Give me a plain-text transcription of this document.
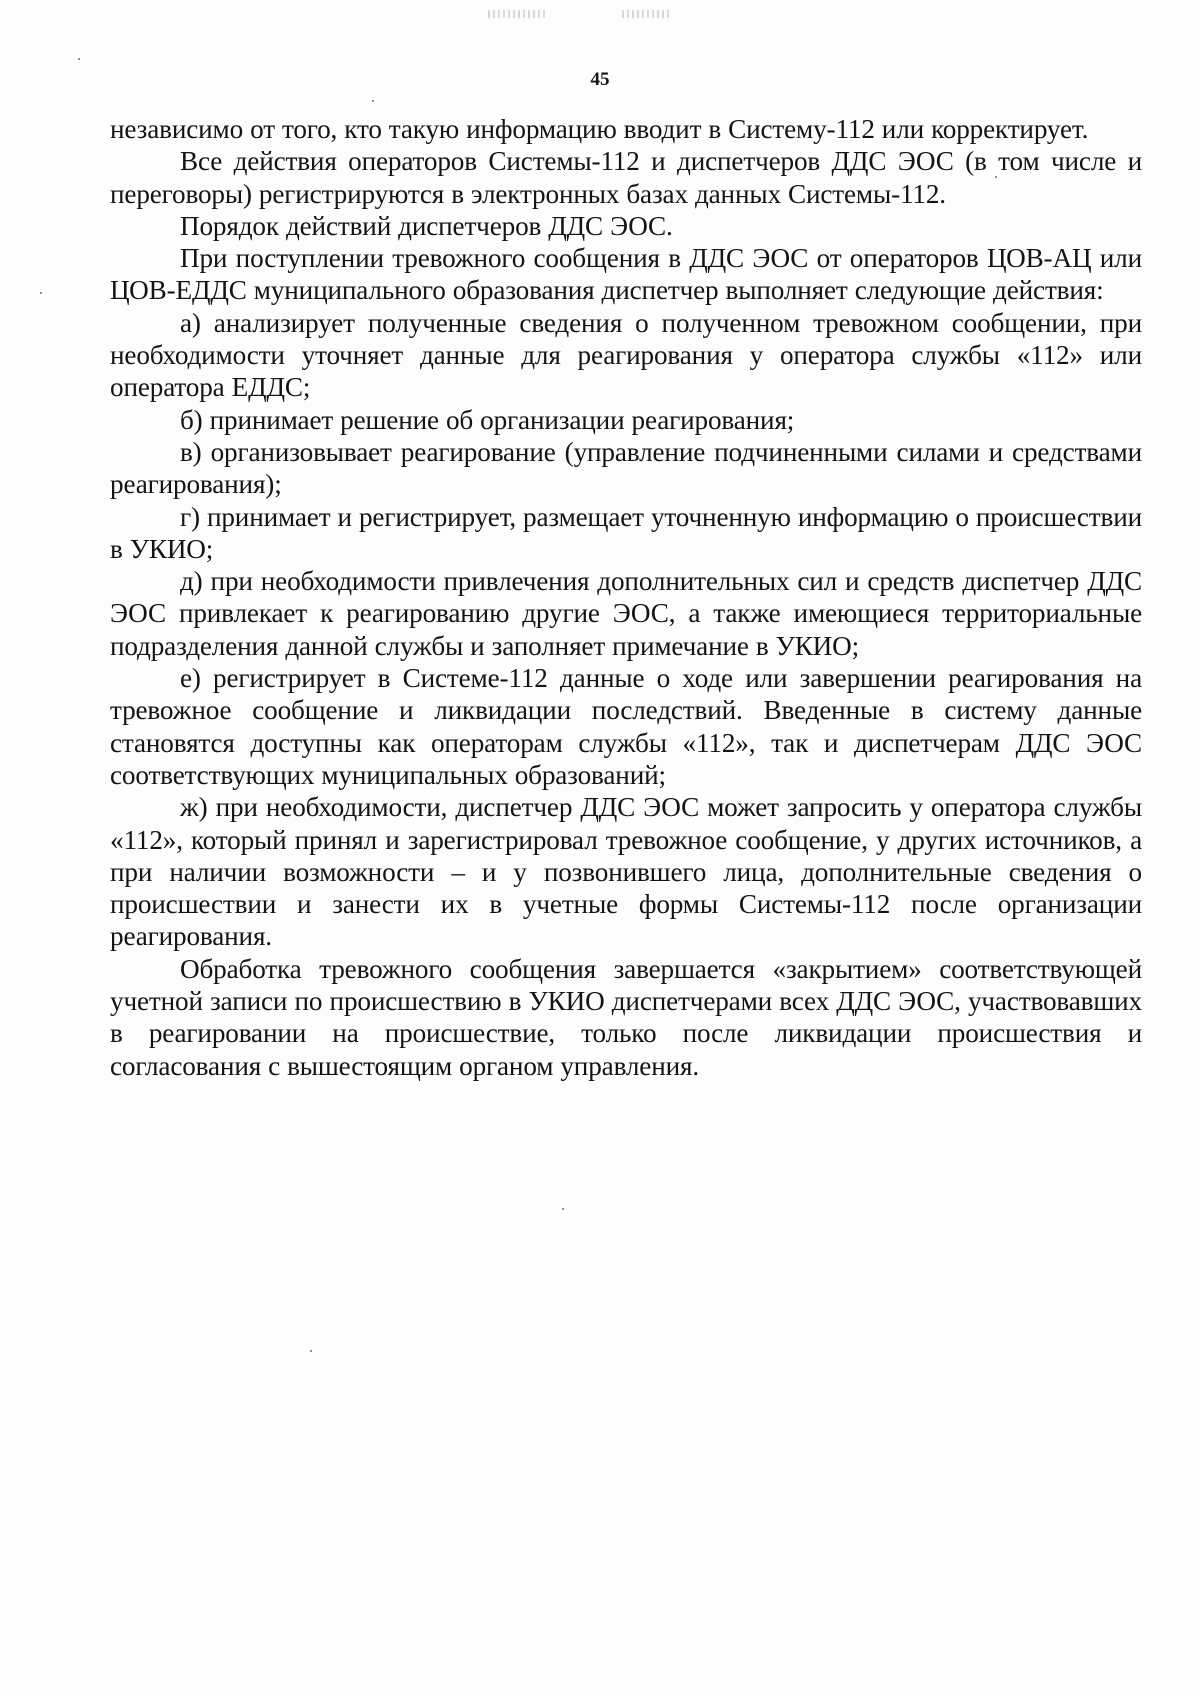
45

независимо от того, кто такую информацию вводит в Систему-112 или корректирует.

Все действия операторов Системы-112 и диспетчеров ДДС ЭОС (в том числе и переговоры) регистрируются в электронных базах данных Системы-112.

Порядок действий диспетчеров ДДС ЭОС.

При поступлении тревожного сообщения в ДДС ЭОС от операторов ЦОВ-АЦ или ЦОВ-ЕДДС муниципального образования диспетчер выполняет следующие действия:

а) анализирует полученные сведения о полученном тревожном сообщении, при необходимости уточняет данные для реагирования у оператора службы «112» или оператора ЕДДС;

б) принимает решение об организации реагирования;

в) организовывает реагирование (управление подчиненными силами и средствами реагирования);

г) принимает и регистрирует, размещает уточненную информацию о происшествии в УКИО;

д) при необходимости привлечения дополнительных сил и средств диспетчер ДДС ЭОС привлекает к реагированию другие ЭОС, а также имеющиеся территориальные подразделения данной службы и заполняет примечание в УКИО;

е) регистрирует в Системе-112 данные о ходе или завершении реагирования на тревожное сообщение и ликвидации последствий. Введенные в систему данные становятся доступны как операторам службы «112», так и диспетчерам ДДС ЭОС соответствующих муниципальных образований;

ж) при необходимости, диспетчер ДДС ЭОС может запросить у оператора службы «112», который принял и зарегистрировал тревожное сообщение, у других источников, а при наличии возможности – и у позвонившего лица, дополнительные сведения о происшествии и занести их в учетные формы Системы-112 после организации реагирования.

Обработка тревожного сообщения завершается «закрытием» соответствующей учетной записи по происшествию в УКИО диспетчерами всех ДДС ЭОС, участвовавших в реагировании на происшествие, только после ликвидации происшествия и согласования с вышестоящим органом управления.
